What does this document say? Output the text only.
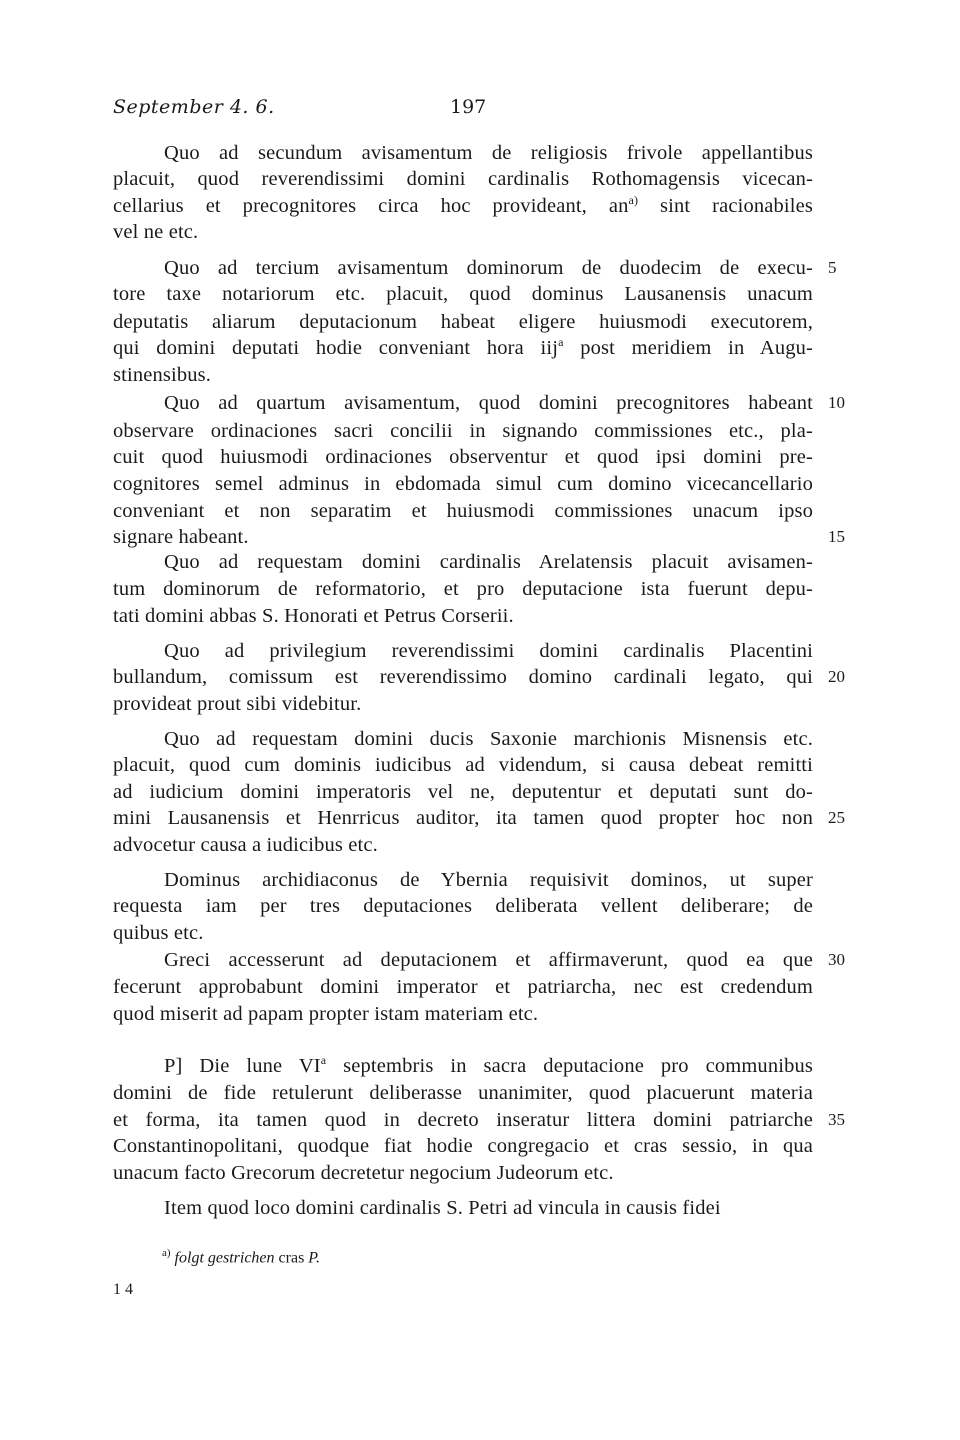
September 4. 6.	197
Quo ad secundum avisamentum de religiosis frivole appellantibus
placuit, quod reverendissimi domini cardinalis Rothomagensis vicecan-
cellarius et precognitores circa hoc provideant, $an^{a)}$ sint racionabiles
vel ne etc.
Quo ad tercium avisamentum dominorum de duodecim de execu-
tore taxe notariorum etc. placuit, quod dominus Lausanensis unacum
deputatis aliarum deputacionum habeat eligere huiusmodi executorem,
qui domini deputati hodie conveniant hora iij$^a$ post meridiem in Augu-
stinensibus.
Quo ad quartum avisamentum, quod domini precognitores habeant
observare ordinaciones sacri concilii in signando commissiones etc., pla-
cuit quod huiusmodi ordinaciones observentur et quod ipsi domini pre-
cognitores semel adminus in ebdomada simul cum domino vicecancellario
conveniant et non separatim et huiusmodi commissiones unacum ipso
signare habeant.
Quo ad requestam domini cardinalis Arelatensis placuit avisamen-
tum dominorum de reformatorio, et pro deputacione ista fuerunt depu-
tati domini abbas S. Honorati et Petrus Corserii.
Quo ad privilegium reverendissimi domini cardinalis Placentini
bullandum, comissum est reverendissimo domino cardinali legato, qui
provideat prout sibi videbitur.
Quo ad requestam domini ducis Saxonie marchionis Misnensis etc.
placuit, quod cum dominis iudicibus ad videndum, si causa debeat remitti
ad iudicium domini imperatoris vel ne, deputentur et deputati sunt do-
mini Lausanensis et Henrricus auditor, ita tamen quod propter hoc non
advocetur causa a iudicibus etc.
Dominus archidiaconus de Ybernia requisivit dominos, ut super
requesta iam per tres deputaciones deliberata vellent deliberare; de
quibus etc.
Greci accesserunt ad deputacionem et affirmaverunt, quod ea que
fecerunt approbabunt domini imperator et patriarcha, nec est credendum
quod miserit ad papam propter istam materiam etc.
P] Die lune $VI^a$ septembris in sacra deputacione pro communibus
domini de fide retulerunt deliberasse unanimiter, quod placuerunt materia
et forma, ita tamen quod in decreto inseratur littera domini patriarche
Constantinopolitani, quodque fiat hodie congregacio et cras sessio, in qua
unacum facto Grecorum decretetur negocium Judeorum etc.
Item quod loco domini cardinalis S. Petri ad vincula in causis fidei
5
10
15
20
25
30
35
$^{a)}$ folgt gestrichen cras P.
1 4
